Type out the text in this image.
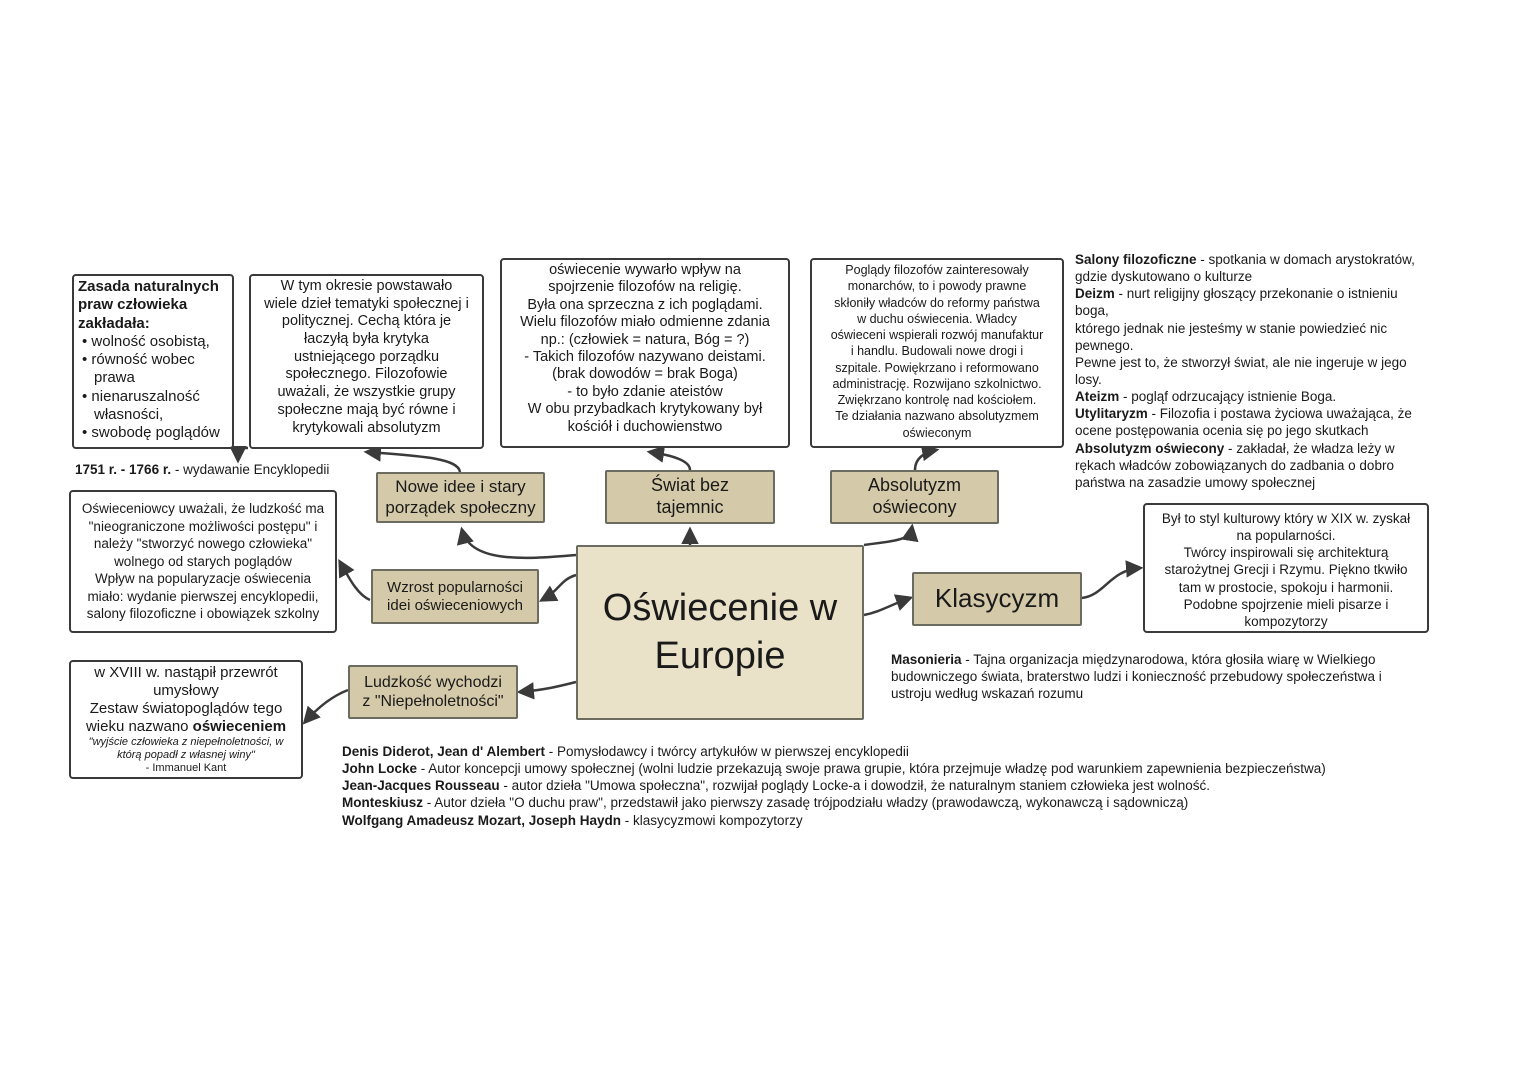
Oświecenie w
Europie
Nowe idee i stary
porządek społeczny
Świat bez
tajemnic
Absolutyzm
oświecony
Wzrost popularności
idei oświeceniowych
Ludzkość wychodzi
z "Niepełnoletności"
Klasycyzm
Zasada naturalnych praw człowieka zakładała:
• wolność osobistą,
• równość wobec prawa
• nienaruszalność własności,
• swobodę poglądów
W tym okresie powstawało
wiele dzieł tematyki społecznej i
politycznej. Cechą która je
łaczyłą była krytyka
ustniejącego porządku
społecznego. Filozofowie
uważali, że wszystkie grupy
społeczne mają być równe i
krytykowali absolutyzm
oświecenie wywarło wpływ na
spojrzenie filozofów na religię.
Była ona sprzeczna z ich poglądami.
Wielu filozofów miało odmienne zdania
np.: (człowiek = natura, Bóg = ?)
- Takich filozofów nazywano deistami.
(brak dowodów = brak Boga)
- to było zdanie ateistów
W obu przybadkach krytykowany był
kościół i duchowienstwo
Poglądy filozofów zainteresowały
monarchów, to i powody prawne
skłoniły władców do reformy państwa
w duchu oświecenia. Władcy
oświeceni wspierali rozwój manufaktur
i handlu. Budowali nowe drogi i
szpitale. Powiękrzano i reformowano
administrację. Rozwijano szkolnictwo.
Zwiękrzano kontrolę nad kościołem.
Te działania nazwano absolutyzmem
oświeconym
1751 r. - 1766 r. - wydawanie Encyklopedii
Oświeceniowcy uważali, że ludzkość ma
"nieograniczone możliwości postępu" i
należy "stworzyć nowego człowieka"
wolnego od starych poglądów
Wpływ na popularyzacje oświecenia
miało: wydanie pierwszej encyklopedii,
salony filozoficzne i obowiązek szkolny
w XVIII w. nastąpił przewrót
umysłowy
Zestaw światopoglądów tego
wieku nazwano oświeceniem
"wyjście człowieka z niepełnoletności, w
którą popadł z własnej winy"
- Immanuel Kant
Salony filozoficzne - spotkania w domach arystokratów,
gdzie dyskutowano o kulturze
Deizm - nurt religijny głoszący przekonanie o istnieniu
boga,
którego jednak nie jesteśmy w stanie powiedzieć nic
pewnego.
Pewne jest to, że stworzył świat, ale nie ingeruje w jego
losy.
Ateizm - pogląf odrzucający istnienie Boga.
Utylitaryzm - Filozofia i postawa życiowa uważająca, że
ocene postępowania ocenia się po jego skutkach
Absolutyzm oświecony - zakładał, że władza leży w
rękach władców zobowiązanych do zadbania o dobro
państwa na zasadzie umowy społecznej
Był to styl kulturowy który w XIX w. zyskał
na popularności.
Twórcy inspirowali się architekturą
starożytnej Grecji i Rzymu. Piękno tkwiło
tam w prostocie, spokoju i harmonii.
Podobne spojrzenie mieli pisarze i
kompozytorzy
Masonieria - Tajna organizacja międzynarodowa, która głosiła wiarę w Wielkiego
budowniczego świata, braterstwo ludzi i konieczność przebudowy społeczeństwa i
ustroju według wskazań rozumu
Denis Diderot, Jean d' Alembert - Pomysłodawcy i twórcy artykułów w pierwszej encyklopedii
John Locke - Autor koncepcji umowy społecznej (wolni ludzie przekazują swoje prawa grupie, która przejmuje władzę pod warunkiem zapewnienia bezpieczeństwa)
Jean-Jacques Rousseau - autor dzieła "Umowa społeczna", rozwijał poglądy Locke-a i dowodził, że naturalnym staniem człowieka jest wolność.
Monteskiusz - Autor dzieła "O duchu praw", przedstawił jako pierwszy zasadę trójpodziału władzy (prawodawczą, wykonawczą i sądowniczą)
Wolfgang Amadeusz Mozart, Joseph Haydn - klasycyzmowi kompozytorzy
